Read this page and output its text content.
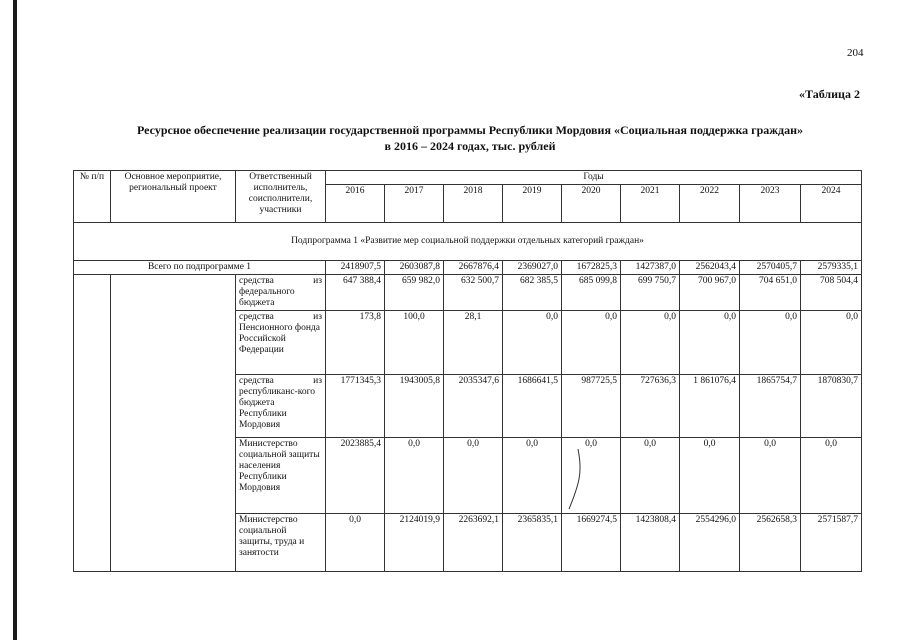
204
«Таблица 2
Ресурсное обеспечение реализации государственной программы Республики Мордовия «Социальная поддержка граждан»
в 2016 – 2024 годах, тыс. рублей
№ п/п	Основное мероприятие, региональный проект	Ответственный исполнитель, соисполнители, участники	Годы								
			2016	2017	2018	2019	2020	2021	2022	2023	2024
Подпрограмма 1 «Развитие мер социальной поддержки отдельных категорий граждан»											
Всего по подпрограмме 1			2418907,5	2603087,8	2667876,4	2369027,0	1672825,3	1427387,0	2562043,4	2570405,7	2579335,1

		средства из
федерального бюджета	647 388,4	659 982,0	632 500,7	682 385,5	685 099,8	699 750,7	700 967,0	704 651,0	708 504,4

		средства из
Пенсионного фонда Российской Федерации	173,8	100,0	28,1	0,0	0,0	0,0	0,0	0,0	0,0

		средства из
республиканс-кого бюджета Республики Мордовия	1771345,3	1943005,8	2035347,6	1686641,5	987725,5	727636,3	1 861076,4	1865754,7	1870830,7

		Министерство социальной защиты населения Республики Мордовия	2023885,4	0,0	0,0	0,0	0,0	0,0	0,0	0,0	0,0

		Министерство социальной защиты, труда и занятости	0,0	2124019,9	2263692,1	2365835,1	1669274,5	1423808,4	2554296,0	2562658,3	2571587,7
